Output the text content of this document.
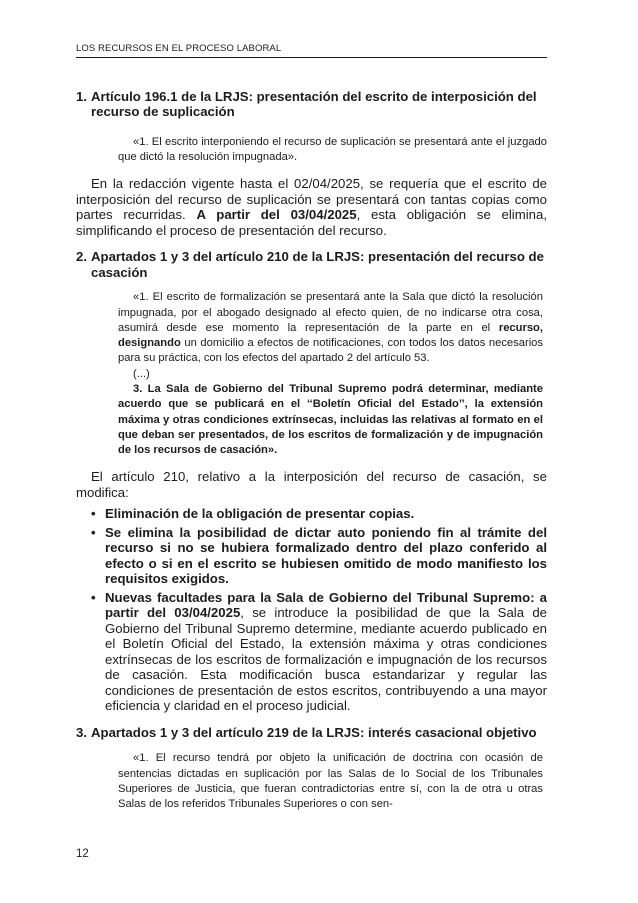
LOS RECURSOS EN EL PROCESO LABORAL
1. Artículo 196.1 de la LRJS: presentación del escrito de interposición del recurso de suplicación

«1. El escrito interponiendo el recurso de suplicación se presentará ante el juzgado que dictó la resolución impugnada».

En la redacción vigente hasta el 02/04/2025, se requería que el escrito de interposición del recurso de suplicación se presentará con tantas copias como partes recurridas. A partir del 03/04/2025, esta obligación se elimina, simplificando el proceso de presentación del recurso.

2. Apartados 1 y 3 del artículo 210 de la LRJS: presentación del recurso de casación

«1. El escrito de formalización se presentará ante la Sala que dictó la resolución impugnada, por el abogado designado al efecto quien, de no indicarse otra cosa, asumirá desde ese momento la representación de la parte en el recurso, designando un domicilio a efectos de notificaciones, con todos los datos necesarios para su práctica, con los efectos del apartado 2 del artículo 53.

(...)

3. La Sala de Gobierno del Tribunal Supremo podrá determinar, mediante acuerdo que se publicará en el ‘‘Boletín Oficial del Estado’’, la extensión máxima y otras condiciones extrínsecas, incluidas las relativas al formato en el que deban ser presentados, de los escritos de formalización y de impugnación de los recursos de casación».

El artículo 210, relativo a la interposición del recurso de casación, se modifica:

• Eliminación de la obligación de presentar copias.
• Se elimina la posibilidad de dictar auto poniendo fin al trámite del recurso si no se hubiera formalizado dentro del plazo conferido al efecto o si en el escrito se hubiesen omitido de modo manifiesto los requisitos exigidos.
• Nuevas facultades para la Sala de Gobierno del Tribunal Supremo: a partir del 03/04/2025, se introduce la posibilidad de que la Sala de Gobierno del Tribunal Supremo determine, mediante acuerdo publicado en el Boletín Oficial del Estado, la extensión máxima y otras condiciones extrínsecas de los escritos de formalización e impugnación de los recursos de casación. Esta modificación busca estandarizar y regular las condiciones de presentación de estos escritos, contribuyendo a una mayor eficiencia y claridad en el proceso judicial.
3. Apartados 1 y 3 del artículo 219 de la LRJS: interés casacional objetivo

«1. El recurso tendrá por objeto la unificación de doctrina con ocasión de sentencias dictadas en suplicación por las Salas de lo Social de los Tribunales Superiores de Justicia, que fueran contradictorias entre sí, con la de otra u otras Salas de los referidos Tribunales Superiores o con sen-

12
